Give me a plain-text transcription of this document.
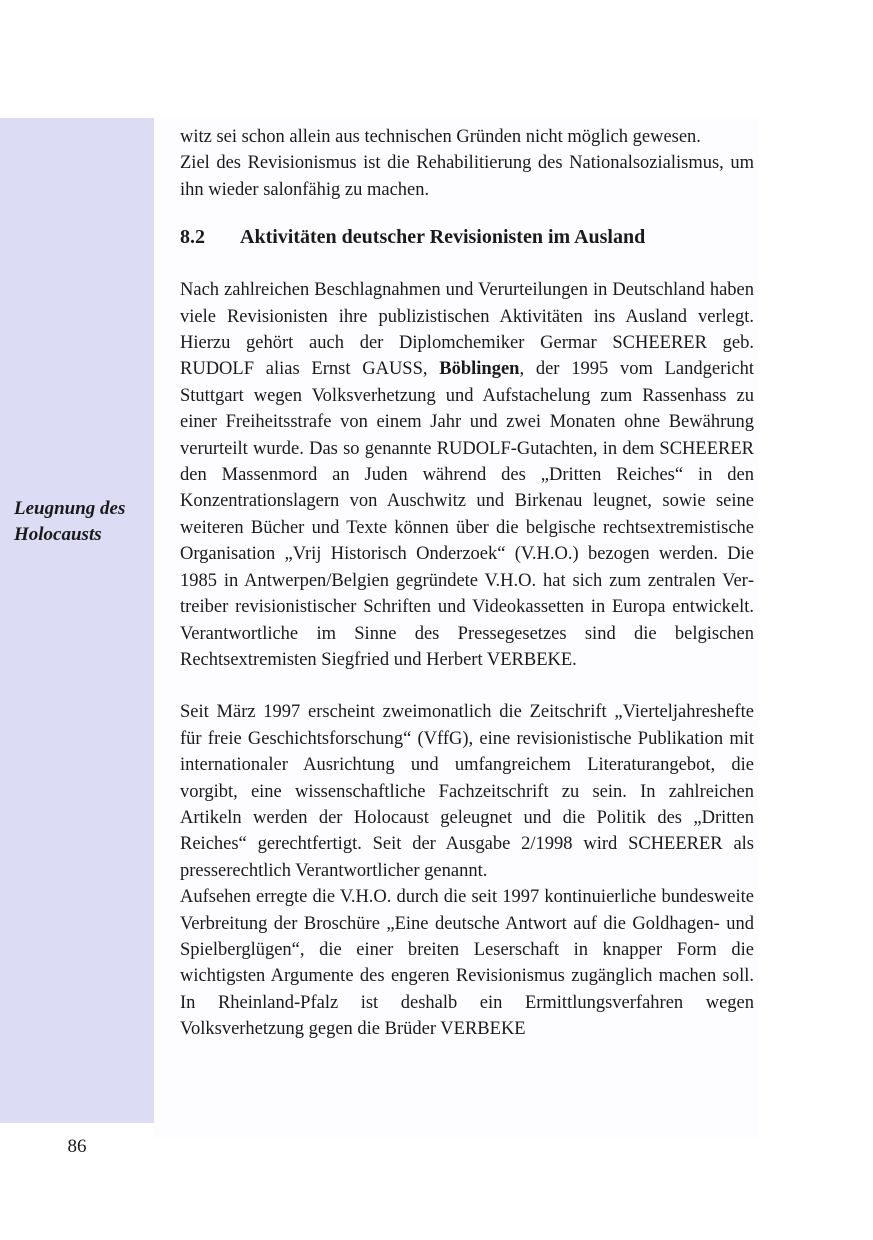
Leugnung des
Holocausts
86

witz sei schon allein aus technischen Gründen nicht möglich gewesen.

Ziel des Revisionismus ist die Rehabilitierung des Nationalsozialismus, um ihn wieder salonfähig zu machen.

8.2 Aktivitäten deutscher Revisionisten im Ausland

Nach zahlreichen Beschlagnahmen und Verurteilungen in Deutschland haben viele Revisionisten ihre publizistischen Aktivitäten ins Ausland verlegt. Hierzu gehört auch der Diplomchemiker Germar SCHEERER geb. RUDOLF alias Ernst GAUSS, Böblingen, der 1995 vom Landgericht Stuttgart wegen Volksverhetzung und Aufstachelung zum Rassenhass zu einer Freiheitsstrafe von einem Jahr und zwei Monaten ohne Bewährung verurteilt wurde. Das so genannte RUDOLF-Gutachten, in dem SCHEERER den Massenmord an Juden während des „Dritten Reiches“ in den Konzentrationslagern von Auschwitz und Birkenau leugnet, sowie seine weiteren Bücher und Texte können über die belgische rechtsextremistische Organisation „Vrij Historisch Onderzoek“ (V.H.O.) bezogen werden. Die 1985 in Antwerpen/Belgien gegründete V.H.O. hat sich zum zentralen Vertreiber revisionistischer Schriften und Videokassetten in Europa entwickelt. Verantwortliche im Sinne des Pressegesetzes sind die belgischen Rechtsextremisten Siegfried und Herbert VERBEKE.

Seit März 1997 erscheint zweimonatlich die Zeitschrift „Vierteljahreshefte für freie Geschichtsforschung“ (VffG), eine revisionistische Publikation mit internationaler Ausrichtung und umfangreichem Literaturangebot, die vorgibt, eine wissenschaftliche Fachzeitschrift zu sein. In zahlreichen Artikeln werden der Holocaust geleugnet und die Politik des „Dritten Reiches“ gerechtfertigt. Seit der Ausgabe 2/1998 wird SCHEERER als presserechtlich Verantwortlicher genannt.

Aufsehen erregte die V.H.O. durch die seit 1997 kontinuierliche bundesweite Verbreitung der Broschüre „Eine deutsche Antwort auf die Goldhagen- und Spielberglügen“, die einer breiten Leserschaft in knapper Form die wichtigsten Argumente des engeren Revisionismus zugänglich machen soll. In Rheinland-Pfalz ist deshalb ein Ermittlungsverfahren wegen Volksverhetzung gegen die Brüder VERBEKE
